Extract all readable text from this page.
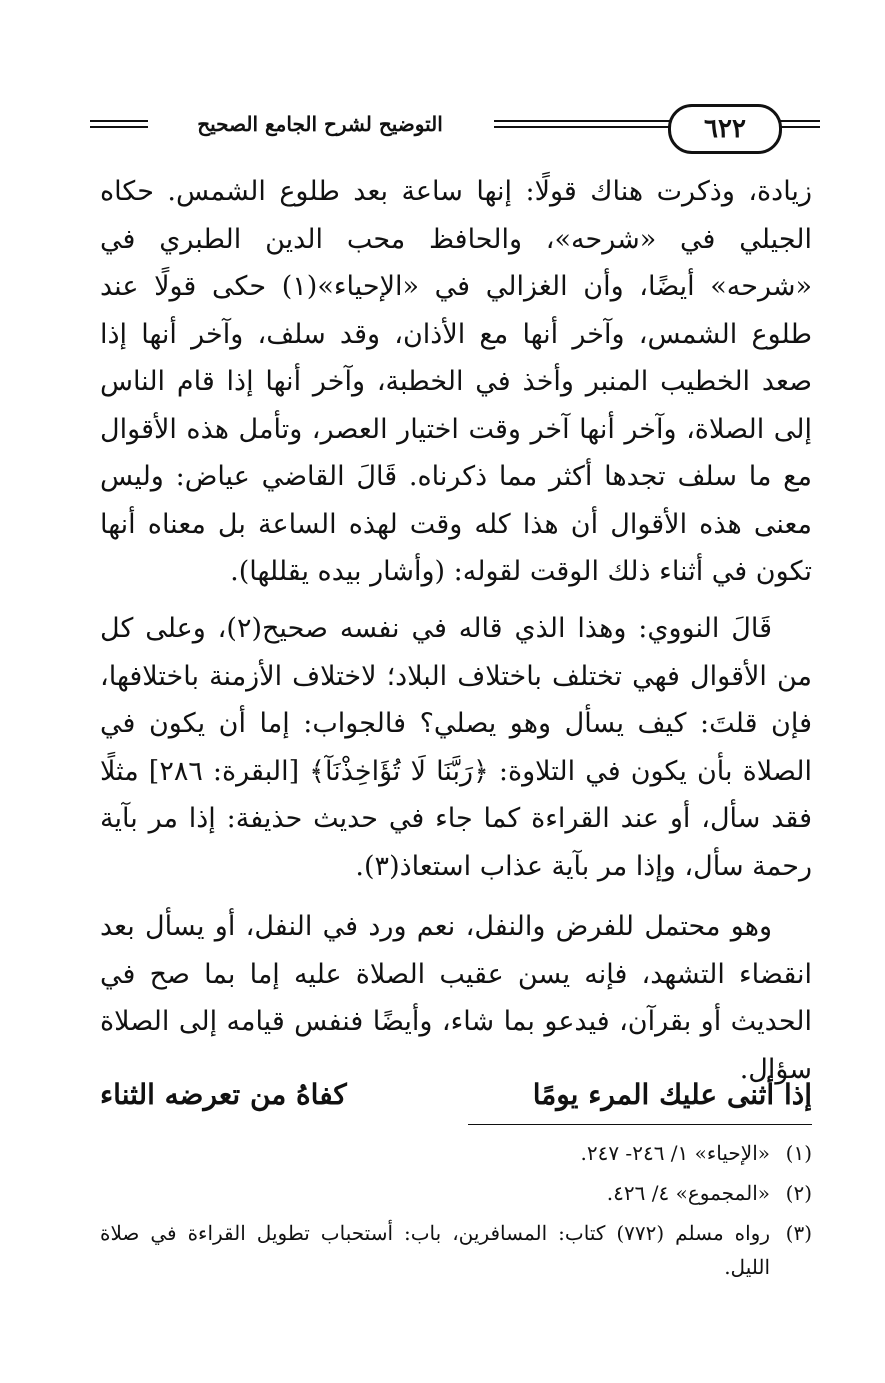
٦٢٢
التوضيح لشرح الجامع الصحيح

زيادة، وذكرت هناك قولًا: إنها ساعة بعد طلوع الشمس. حكاه الجيلي في «شرحه»، والحافظ محب الدين الطبري في «شرحه» أيضًا، وأن الغزالي في «الإحياء»(١) حكى قولًا عند طلوع الشمس، وآخر أنها مع الأذان، وقد سلف، وآخر أنها إذا صعد الخطيب المنبر وأخذ في الخطبة، وآخر أنها إذا قام الناس إلى الصلاة، وآخر أنها آخر وقت اختيار العصر، وتأمل هذه الأقوال مع ما سلف تجدها أكثر مما ذكرناه. قَالَ القاضي عياض: وليس معنى هذه الأقوال أن هذا كله وقت لهذه الساعة بل معناه أنها تكون في أثناء ذلك الوقت لقوله: (وأشار بيده يقللها).

قَالَ النووي: وهذا الذي قاله في نفسه صحيح(٢)، وعلى كل من الأقوال فهي تختلف باختلاف البلاد؛ لاختلاف الأزمنة باختلافها، فإن قلتَ: كيف يسأل وهو يصلي؟ فالجواب: إما أن يكون في الصلاة بأن يكون في التلاوة: ﴿رَبَّنَا لَا تُؤَاخِذْنَآ﴾ [البقرة: ٢٨٦] مثلًا فقد سأل، أو عند القراءة كما جاء في حديث حذيفة: إذا مر بآية رحمة سأل، وإذا مر بآية عذاب استعاذ(٣).

وهو محتمل للفرض والنفل، نعم ورد في النفل، أو يسأل بعد انقضاء التشهد، فإنه يسن عقيب الصلاة عليه إما بما صح في الحديث أو بقرآن، فيدعو بما شاء، وأيضًا فنفس قيامه إلى الصلاة سؤال.

إذا أثنى عليك المرء يومًا
كفاهُ من تعرضه الثناء

(١)
«الإحياء» ١/ ٢٤٦- ٢٤٧.

(٢)
«المجموع» ٤/ ٤٢٦.

(٣)
رواه مسلم (٧٧٢) كتاب: المسافرين، باب: أستحباب تطويل القراءة في صلاة الليل.
